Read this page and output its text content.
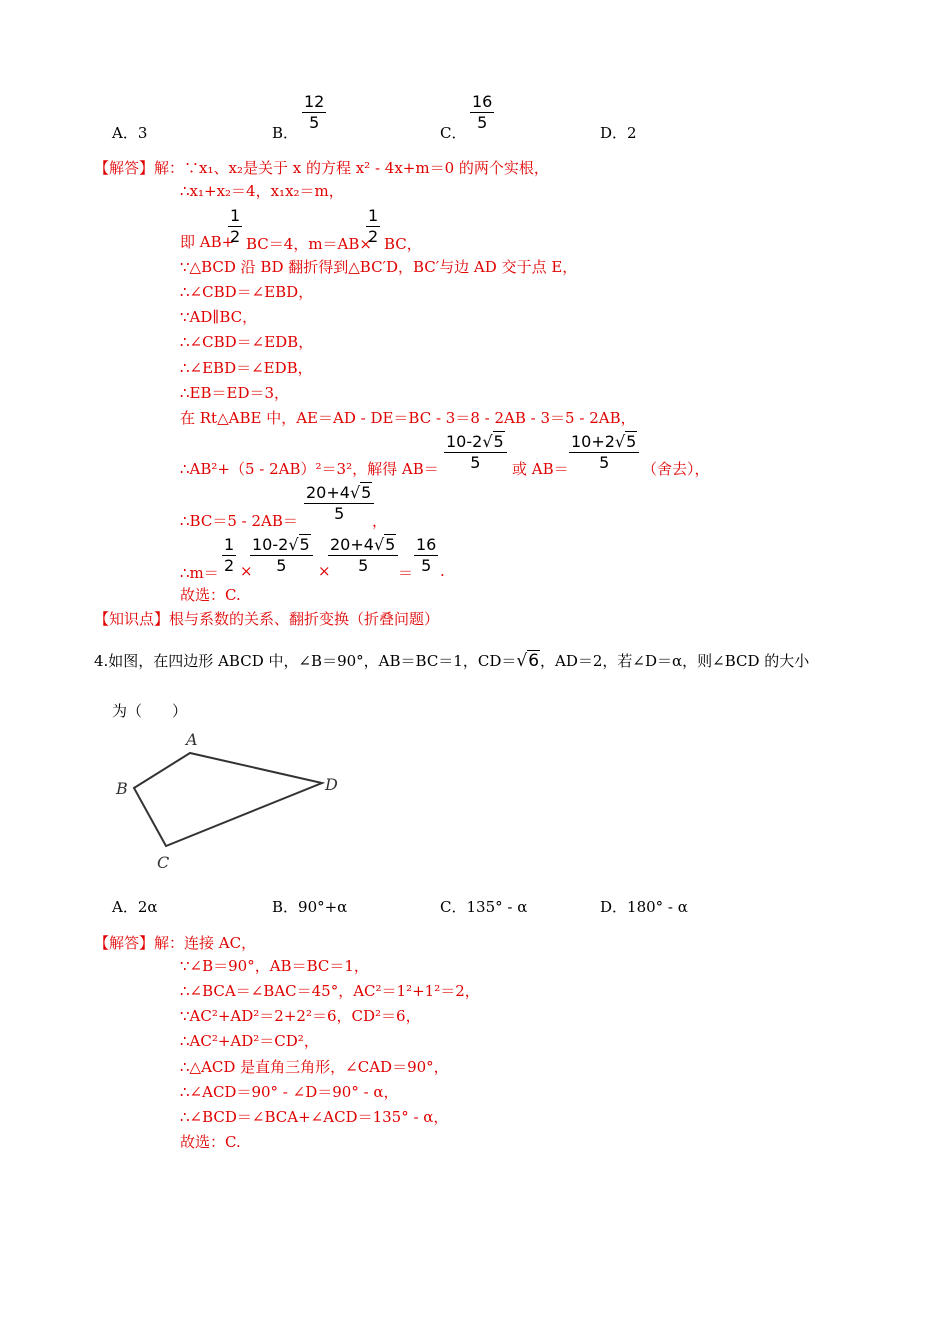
A．3	B． $\frac{12}{5}$	C． $\frac{16}{5}$	D．2
【解答】解：∵x₁、x₂是关于 x 的方程 x² - 4x+m＝0 的两个实根，
∴x₁+x₂＝4，x₁x₂＝m，
即 AB+
$\frac{1}{2} BC=4$，m＝AB×
$\frac{1}{2}$ BC，
∵△BCD 沿 BD 翻折得到△BC′D，BC′与边 AD 交于点 E，
∴∠CBD＝∠EBD，
∵AD∥BC，
∴∠CBD＝∠EDB，
∴∠EBD＝∠EDB，
∴EB＝ED＝3，
在 Rt△ABE 中，AE＝AD - DE＝BC - 3＝8 - 2AB - 3＝5 - 2AB，
∴AB²+（5 - 2AB）²＝3²，解得 $AB= \frac{10-2√5}{5}$ 或 $AB= \frac{10+2√5}{5}$ （舍去），
∴BC＝5 - $2AB= \frac{20+4√5}{5}$
，
∴m＝ $\frac{1}{2}$ ×
$\frac{10-2√5}{5}$ ×
$\frac{20+4√5}{5} = \frac{16}{5}$ .
故选：C.
【知识点】根与系数的关系、翻折变换（折叠问题）
4.如图，在四边形 ABCD 中，∠B＝90°，AB＝BC＝1，CD＝√6，AD＝2，若∠D＝α，则∠BCD 的大小
为（　　）
A
B
C
D
A．2α	B．90°+α	C．135° - α	D．180° - α
【解答】解：连接 AC，
∵∠B＝90°，AB＝BC＝1，
∴∠BCA＝∠BAC＝45°，AC²＝1²+1²＝2，
∵AC²+AD²＝2+2²＝6，CD²＝6，
∴AC²+AD²＝CD²，
∴△ACD 是直角三角形，∠CAD＝90°，
∴∠ACD＝90° - ∠D＝90° - α，
∴∠BCD＝∠BCA+∠ACD＝135° - α，
故选：C.
